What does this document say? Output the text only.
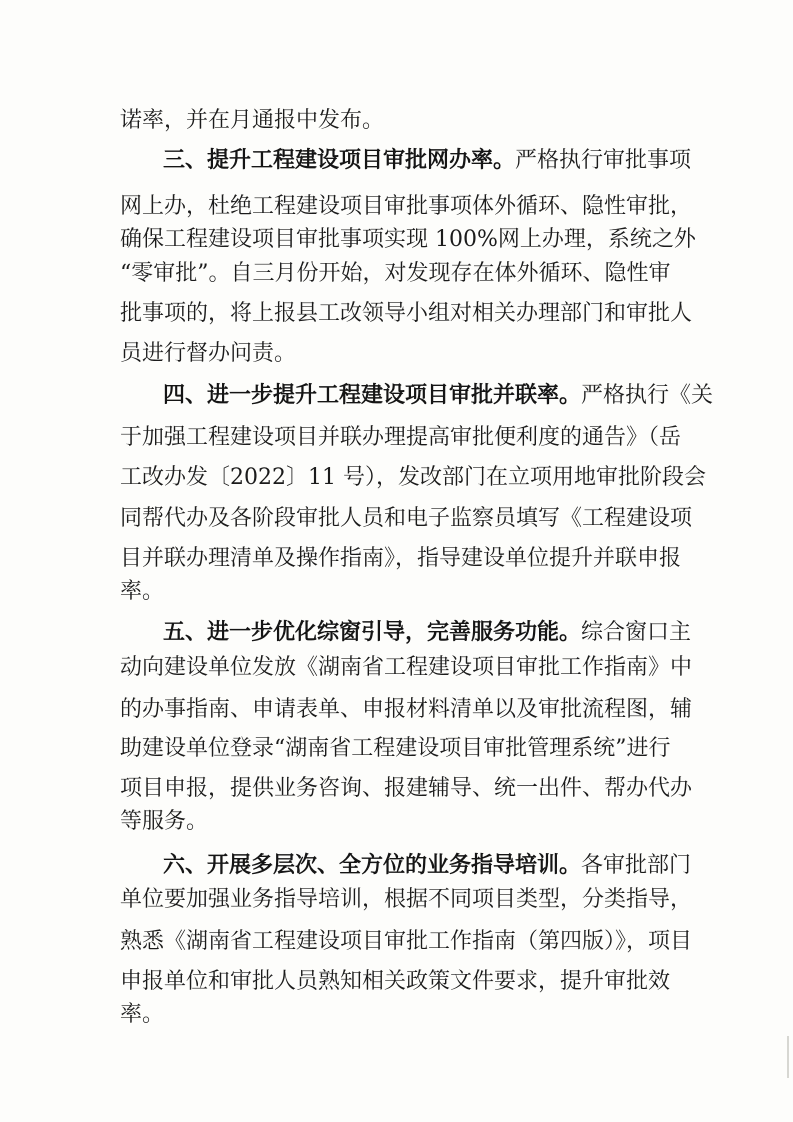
诺率，并在月通报中发布。
三、提升工程建设项目审批网办率。严格执行审批事项
网上办，杜绝工程建设项目审批事项体外循环、隐性审批，
确保工程建设项目审批事项实现 100%网上办理，系统之外
“零审批”。自三月份开始，对发现存在体外循环、隐性审
批事项的，将上报县工改领导小组对相关办理部门和审批人
员进行督办问责。
四、进一步提升工程建设项目审批并联率。严格执行《关
于加强工程建设项目并联办理提高审批便利度的通告》（岳
工改办发〔2022〕11 号），发改部门在立项用地审批阶段会
同帮代办及各阶段审批人员和电子监察员填写《工程建设项
目并联办理清单及操作指南》，指导建设单位提升并联申报
率。
五、进一步优化综窗引导，完善服务功能。综合窗口主
动向建设单位发放《湖南省工程建设项目审批工作指南》中
的办事指南、申请表单、申报材料清单以及审批流程图，辅
助建设单位登录“湖南省工程建设项目审批管理系统”进行
项目申报，提供业务咨询、报建辅导、统一出件、帮办代办
等服务。
六、开展多层次、全方位的业务指导培训。各审批部门
单位要加强业务指导培训，根据不同项目类型，分类指导，
熟悉《湖南省工程建设项目审批工作指南（第四版）》，项目
申报单位和审批人员熟知相关政策文件要求，提升审批效
率。
